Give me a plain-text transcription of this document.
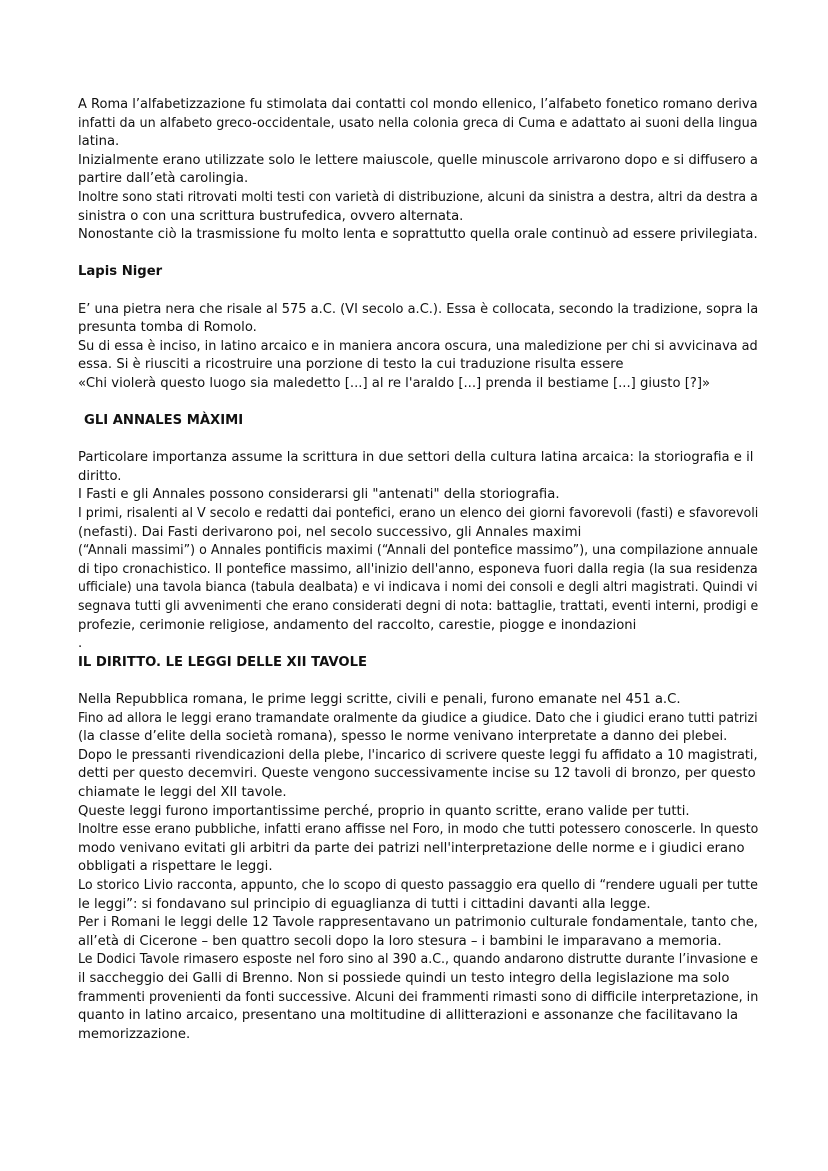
A Roma l’alfabetizzazione fu stimolata dai contatti col mondo ellenico, l’alfabeto fonetico romano deriva
infatti da un alfabeto greco-occidentale, usato nella colonia greca di Cuma e adattato ai suoni della lingua
latina.
Inizialmente erano utilizzate solo le lettere maiuscole, quelle minuscole arrivarono dopo e si diffusero a
partire dall’età carolingia.
Inoltre sono stati ritrovati molti testi con varietà di distribuzione, alcuni da sinistra a destra, altri da destra a
sinistra o con una scrittura bustrufedica, ovvero alternata.
Nonostante ciò la trasmissione fu molto lenta e soprattutto quella orale continuò ad essere privilegiata.
Lapis Niger
E’ una pietra nera che risale al 575 a.C. (VI secolo a.C.). Essa è collocata, secondo la tradizione, sopra la
presunta tomba di Romolo.
Su di essa è inciso, in latino arcaico e in maniera ancora oscura, una maledizione per chi si avvicinava ad
essa. Si è riusciti a ricostruire una porzione di testo la cui traduzione risulta essere
«Chi violerà questo luogo sia maledetto [...] al re l'araldo [...] prenda il bestiame [...] giusto [?]»
GLI ANNALES MÀXIMI
Particolare importanza assume la scrittura in due settori della cultura latina arcaica: la storiografia e il
diritto.
I Fasti e gli Annales possono considerarsi gli "antenati" della storiografia.
I primi, risalenti al V secolo e redatti dai pontefici, erano un elenco dei giorni favorevoli (fasti) e sfavorevoli
(nefasti). Dai Fasti derivarono poi, nel secolo successivo, gli Annales maximi
(“Annali massimi”) o Annales pontificis maximi (“Annali del pontefice massimo”), una compilazione annuale
di tipo cronachistico. Il pontefice massimo, all'inizio dell'anno, esponeva fuori dalla regia (la sua residenza
ufficiale) una tavola bianca (tabula dealbata) e vi indicava i nomi dei consoli e degli altri magistrati. Quindi vi
segnava tutti gli avvenimenti che erano considerati degni di nota: battaglie, trattati, eventi interni, prodigi e
profezie, cerimonie religiose, andamento del raccolto, carestie, piogge e inondazioni
.
IL DIRITTO. LE LEGGI DELLE XII TAVOLE
Nella Repubblica romana, le prime leggi scritte, civili e penali, furono emanate nel 451 a.C.
Fino ad allora le leggi erano tramandate oralmente da giudice a giudice. Dato che i giudici erano tutti patrizi
(la classe d’elite della società romana), spesso le norme venivano interpretate a danno dei plebei.
Dopo le pressanti rivendicazioni della plebe, l'incarico di scrivere queste leggi fu affidato a 10 magistrati,
detti per questo decemviri. Queste vengono successivamente incise su 12 tavoli di bronzo, per questo
chiamate le leggi del XII tavole.
Queste leggi furono importantissime perché, proprio in quanto scritte, erano valide per tutti.
Inoltre esse erano pubbliche, infatti erano affisse nel Foro, in modo che tutti potessero conoscerle. In questo
modo venivano evitati gli arbitri da parte dei patrizi nell'interpretazione delle norme e i giudici erano
obbligati a rispettare le leggi.
Lo storico Livio racconta, appunto, che lo scopo di questo passaggio era quello di “rendere uguali per tutte
le leggi”: si fondavano sul principio di eguaglianza di tutti i cittadini davanti alla legge.
Per i Romani le leggi delle 12 Tavole rappresentavano un patrimonio culturale fondamentale, tanto che,
all’età di Cicerone – ben quattro secoli dopo la loro stesura – i bambini le imparavano a memoria.
Le Dodici Tavole rimasero esposte nel foro sino al 390 a.C., quando andarono distrutte durante l’invasione e
il saccheggio dei Galli di Brenno. Non si possiede quindi un testo integro della legislazione ma solo
frammenti provenienti da fonti successive. Alcuni dei frammenti rimasti sono di difficile interpretazione, in
quanto in latino arcaico, presentano una moltitudine di allitterazioni e assonanze che facilitavano la
memorizzazione.
